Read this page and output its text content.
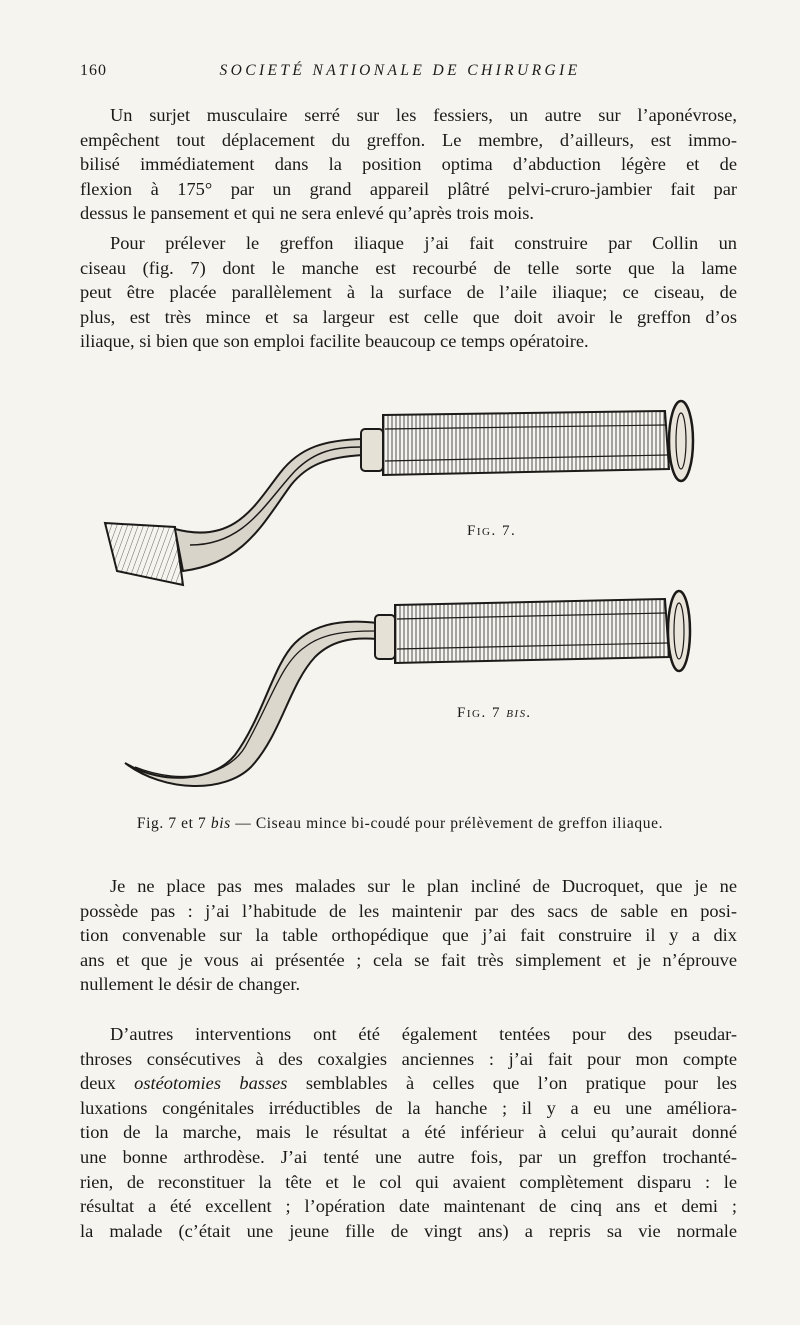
160	SOCIETÉ NATIONALE DE CHIRURGIE

Un surjet musculaire serré sur les fessiers, un autre sur l’aponévrose,
empêchent tout déplacement du greffon. Le membre, d’ailleurs, est immo-
bilisé immédiatement dans la position optima d’abduction légère et de
flexion à 175° par un grand appareil plâtré pelvi-cruro-jambier fait par
dessus le pansement et qui ne sera enlevé qu’après trois mois.

Pour prélever le greffon iliaque j’ai fait construire par Collin un
ciseau (fig. 7) dont le manche est recourbé de telle sorte que la lame
peut être placée parallèlement à la surface de l’aile iliaque; ce ciseau, de
plus, est très mince et sa largeur est celle que doit avoir le greffon d’os
iliaque, si bien que son emploi facilite beaucoup ce temps opératoire.

Fig. 7.
Fig. 7 bis.
Fig. 7 et 7 bis — Ciseau mince bi-coudé pour prélèvement de greffon iliaque.

Je ne place pas mes malades sur le plan incliné de Ducroquet, que je ne
possède pas : j’ai l’habitude de les maintenir par des sacs de sable en posi-
tion convenable sur la table orthopédique que j’ai fait construire il y a dix
ans et que je vous ai présentée ; cela se fait très simplement et je n’éprouve
nullement le désir de changer.

D’autres interventions ont été également tentées pour des pseudar-
throses consécutives à des coxalgies anciennes : j’ai fait pour mon compte
deux ostéotomies basses semblables à celles que l’on pratique pour les
luxations congénitales irréductibles de la hanche ; il y a eu une améliora-
tion de la marche, mais le résultat a été inférieur à celui qu’aurait donné
une bonne arthrodèse. J’ai tenté une autre fois, par un greffon trochanté-
rien, de reconstituer la tête et le col qui avaient complètement disparu : le
résultat a été excellent ; l’opération date maintenant de cinq ans et demi ;
la malade (c’était une jeune fille de vingt ans) a repris sa vie normale
